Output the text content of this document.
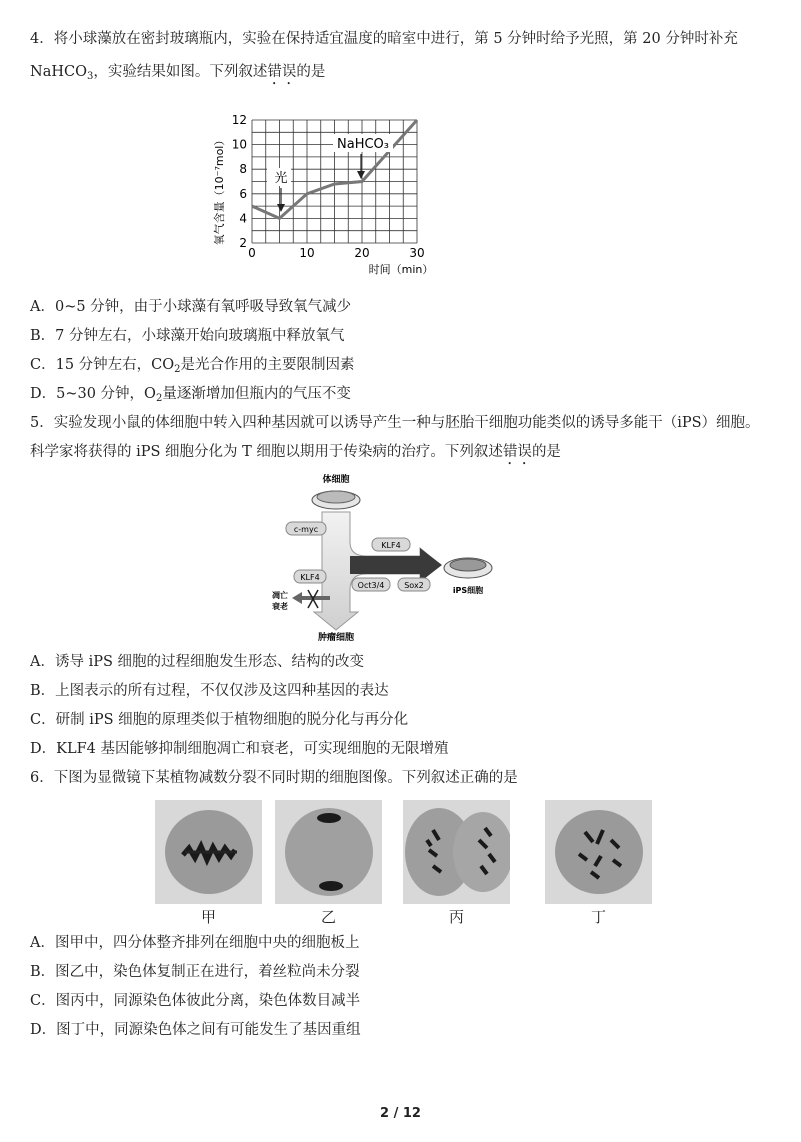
4．将小球藻放在密封玻璃瓶内，实验在保持适宜温度的暗室中进行，第 5 分钟时给予光照，第 20 分钟时补充
NaHCO$_3$，实验结果如图。下列叙述错误的是
0	10	20	30
2
4
6
8
10
12
氧气含量（10⁻⁷mol）
时间（min）
光
NaHCO₃
A．0~5 分钟，由于小球藻有氧呼吸导致氧气减少
B．7 分钟左右，小球藻开始向玻璃瓶中释放氧气
C．15 分钟左右，$CO_2$是光合作用的主要限制因素
D．5~30 分钟，$O_2$量逐渐增加但瓶内的气压不变
5．实验发现小鼠的体细胞中转入四种基因就可以诱导产生一种与胚胎干细胞功能类似的诱导多能干（iPS）细胞。
科学家将获得的 iPS 细胞分化为 T 细胞以期用于传染病的治疗。下列叙述错误的是
体细胞
c-myc
KLF4
KLF4
Oct3/4 Sox2
凋亡
衰老
iPS细胞
肿瘤细胞
A．诱导 iPS 细胞的过程细胞发生形态、结构的改变
B．上图表示的所有过程，不仅仅涉及这四种基因的表达
C．研制 iPS 细胞的原理类似于植物细胞的脱分化与再分化
D．KLF4 基因能够抑制细胞凋亡和衰老，可实现细胞的无限增殖
6．下图为显微镜下某植物减数分裂不同时期的细胞图像。下列叙述正确的是
甲	乙	丙	丁
A．图甲中，四分体整齐排列在细胞中央的细胞板上
B．图乙中，染色体复制正在进行，着丝粒尚未分裂
C．图丙中，同源染色体彼此分离，染色体数目减半
D．图丁中，同源染色体之间有可能发生了基因重组
2 / 12
